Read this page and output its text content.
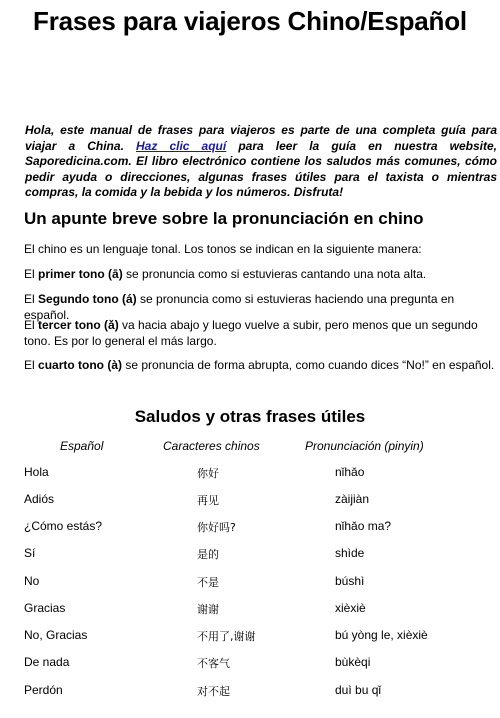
Frases para viajeros Chino/Español
Hola, este manual de frases para viajeros es parte de una completa guía para viajar a China. Haz clic aquí para leer la guía en nuestra website, Saporedicina.com. El libro electrónico contiene los saludos más comunes, cómo pedir ayuda o direcciones, algunas frases útiles para el taxista o mientras compras, la comida y la bebida y los números. Disfruta!
Un apunte breve sobre la pronunciación en chino
El chino es un lenguaje tonal. Los tonos se indican en la siguiente manera:
El primer tono (ā) se pronuncia como si estuvieras cantando una nota alta.
El Segundo tono (á) se pronuncia como si estuvieras haciendo una pregunta en español.
El tercer tono (ǎ) va hacia abajo y luego vuelve a subir, pero menos que un segundo tono. Es por lo general el más largo.
El cuarto tono (à) se pronuncia de forma abrupta, como cuando dices “No!” en español.
Saludos y otras frases útiles
Español	Caracteres chinos	Pronunciación (pinyin)
Hola	你好	nǐhǎo
Adiós	再见	zàijiàn
¿Cómo estás?	你好吗?	nǐhǎo ma?
Sí	是的	shìde
No	不是	búshì
Gracias	谢谢	xièxiè
No, Gracias	不用了,谢谢	bú yòng le, xièxiè
De nada	不客气	bùkèqi
Perdón	对不起	duì bu qǐ
